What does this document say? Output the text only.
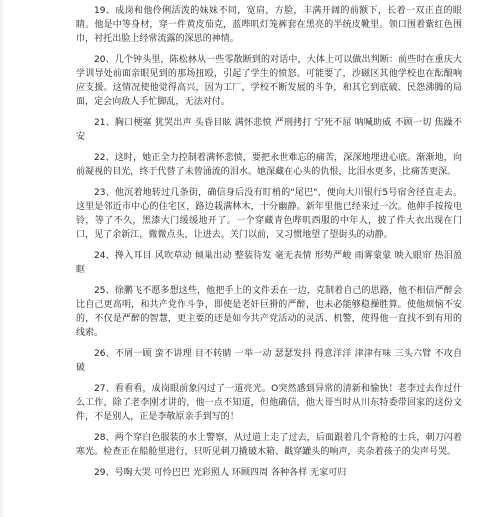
19、成岗和他伶俐活泼的妹妹不同，宽肩，方脸，丰满开阔的前额下，长着一双正直的眼睛。他是中等身材，穿一件黄皮茄克，蓝哔叽灯笼裤套在黑亮的半统皮靴里。领口围着紫红色围巾，衬托出脸上经常流露的深思的神情。

20、几个钟头里，陈松林从一些零散断到的对话中，大体上可以做出判断：前些时在重庆大学训导处前面亲眼见到的那场扭殴，引起了学生的愤怒。可能要了，沙磁区其他学校也在酝酿响应支援。这情况使他觉得高兴，因为工厂，学校不断发展的斗争，和其它到底破、民怨沸腾的局面，定会向敌人手忙脚乱，无法对付。

21、胸口梗塞 犹哭出声 头昏目眩 满怀悲愤 严刑拷打 宁死不屈 呐喊助威 不顾一切 焦躁不安

22、这时，她正全力控制着满怀悲愤，要把永世难忘的痛苦，深深地埋进心底。渐渐地，向前凝视的目光，终于代替了未曾涌流的泪水。她深藏在心头的仇恨，比泪水更多，比痛苦更深。

23、他沉着地转过几条街，确信身后没有盯梢的"尾巴"，便向大川银行5号宿舍径直走去。这里是邻近市中心的住宅区，路边栽满林木，十分幽静。新年里他已经来过一次。他伸手按按电铃，等了不久，黑漆大门缓缓地开了。一个穿藏青色哔叽西服的中年人，披了件大衣出现在门口，见了余新江，微微点头，让进去。关门以前，又习惯地望了望街头的动静。

24、搀入耳目 风吹草动 倾巢出动 整装待发 毫无表情 形势严峻 雨雾蒙蒙 映入眼帘 热泪盈眶

25、徐鹏飞不愿多想这些，他把手上的文件丢在一边，克制着自己的思路，他不相信严醉会比自己更高明，和共产党作斗争，即使是老奸巨猾的严醉，也未必能够稳操胜算。使他烦恼不安的，不仅是严醉的智慧，更主要的还是如今共产党活动的灵活、机警，使得他一直找不到有用的线索。

26、不屑一顾 蛮不讲理 目不转睛 一举一动 瑟瑟发抖 得意洋洋 津津有味 三头六臂 不攻自破

27、看看看，成岗眼前象闪过了一道亮光。O突然感到异常的清新和愉快！老李过去作过什么工作，除了老李刚才讲的，他一点不知道，但他确信，他大哥当时从川东特委带回家的这份文件，不是别人，正是李敬原亲手到写的！

28、两个穿白色服装的水上警察，从过道上走了过去，后面跟着几个背枪的士兵，刺刀闪着寒光。检查正在船舱里进行，只听见刺刀撬破木箱、戳穿罐头的响声，夹杂着孩子的尖声号哭。

29、号啕大哭 可怜巴巴 光彩照人 环顾四周 各种各样 无家可归
